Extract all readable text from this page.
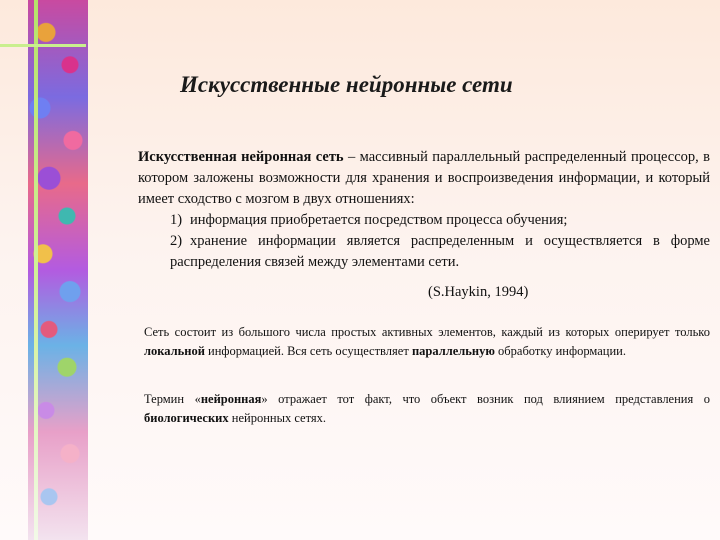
Искусственные нейронные сети
Искусственная нейронная сеть – массивный параллельный распределенный процессор, в котором заложены возможности для хранения и воспроизведения информации, и который имеет сходство с мозгом в двух отношениях:
1) информация приобретается посредством процесса обучения;
2) хранение информации является распределенным и осуществляется в форме распределения связей между элементами сети.
(S.Haykin, 1994)
Сеть состоит из большого числа простых активных элементов, каждый из которых оперирует только локальной информацией. Вся сеть осуществляет параллельную обработку информации.
Термин «нейронная» отражает тот факт, что объект возник под влиянием представления о биологических нейронных сетях.
